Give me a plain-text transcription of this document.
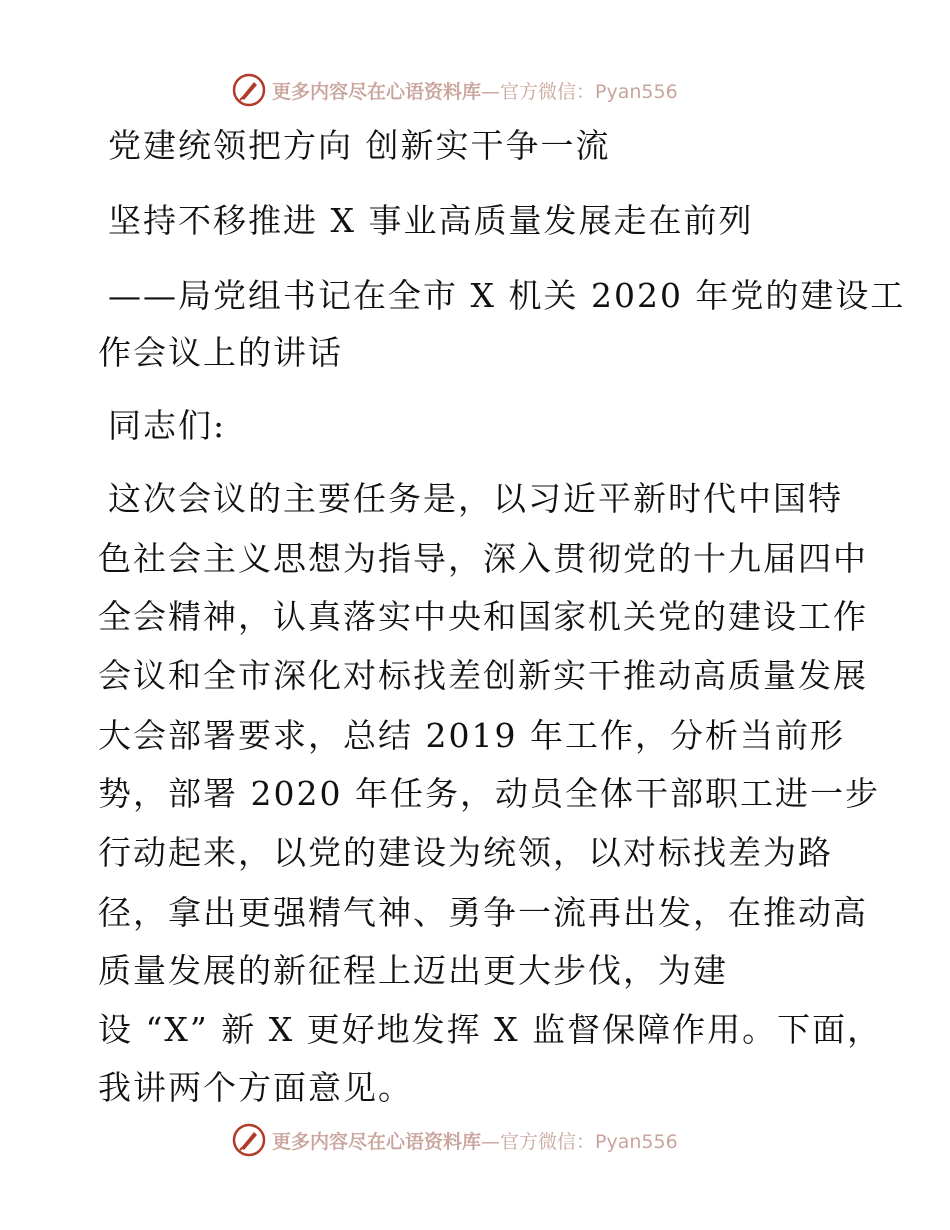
更多内容尽在心语资料库 —官方微信：Pyan556

党建统领把方向 创新实干争一流

坚持不移推进 X 事业高质量发展走在前列

——局党组书记在全市 X 机关 2020 年党的建设工

作会议上的讲话

同志们:

这次会议的主要任务是，以习近平新时代中国特

色社会主义思想为指导，深入贯彻党的十九届四中

全会精神，认真落实中央和国家机关党的建设工作

会议和全市深化对标找差创新实干推动高质量发展

大会部署要求，总结 2019 年工作，分析当前形

势，部署 2020 年任务，动员全体干部职工进一步

行动起来，以党的建设为统领，以对标找差为路

径，拿出更强精气神、勇争一流再出发，在推动高

质量发展的新征程上迈出更大步伐，为建

设 “X” 新 X 更好地发挥 X 监督保障作用。下面，

我讲两个方面意见。

更多内容尽在心语资料库 —官方微信：Pyan556
